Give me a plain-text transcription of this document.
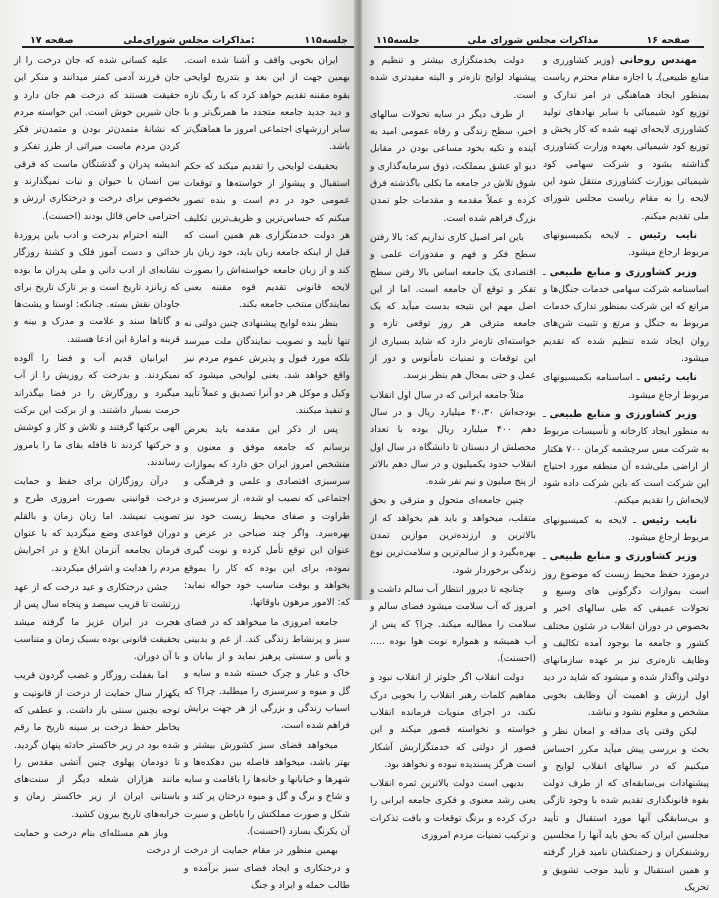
صفحه ۱۷	مذاکرات مجلس شورای‌ملی:	جلسه۱۱۵

ایران بخوبی واقف و آشنا شده است. بهمین جهت از این بعد و بتدریج لوایحی بقوه مقننه تقدیم خواهد کرد که با رنگ تازه و دید جدید جامعه متجدد ما همرنگ‌تر و با سایر ارزشهای اجتماعی امروز ما هماهنگ‌تر باشد.

بحقیقت لوایحی را تقدیم میکند که حکم استقبال و پیشواز از خواسته‌ها و توقعات عمومی خود در دم است و بنده تصور میکنم که حساس‌ترین و ظریف‌ترین تکلیف هر دولت خدمتگزاری هم همین است که قبل از اینکه جامعه زبان باید، خود زبان باز کند و از زبان جامعه خواسته‌اش را بصورت لایحه قانونی تقدیم قوه مقننه یعنی نمایندگان منتخب جامعه بکند.

بنظر بنده لوایح پیشنهادی چنین دولتی نه تنها تأیید و تصویب نمایندگان ملت میرسد بلکه مورد قبول و پذیرش عموم مردم نیز واقع خواهد شد. یعنی لوایحی میشود که وکیل و موکل هر دو آنرا تصدیق و عملاً تأیید و تنفیذ میکنند.

پس از ذکر این مقدمه باید بعرض برسانم که جامعه موفق و معنون و متشخص امروز ایران حق دارد که بموازات سرسبزی اقتصادی و علمی و فرهنگی و اجتماعی که نصیب او شده، از سرسبزی و طراوت و صفای محیط زیست خود نیز بهره‌ببرد. واگر چند صباحی در عرض و عنوان این توقع تأمل کرده و نوبت گیری نموده، برای این بوده که کار را بموقع بخواهد و بوقت مناسب خود حواله نماید: که: الامور مرهون باوقاتها.

جامعه امروزی ما میخواهد که در فضای سبز و پرنشاط زندگی کند. از غم و بدبینی و یأس و سستی پرهیز نماید و از بیابان و خاک و غبار و چرک خسته شده و سایه و گل و میوه و سرسبزی را میطلبد. چرا؟ که اسباب زندگی و بزرگی از هر جهت برایش فراهم شده است.

میخواهد فضای سبز کشورش بیشتر و بهتر باشد، میخواهد فاصله بین دهکده‌ها و شهرها و خیابانها و خانه‌ها را باقامت و سایه و شاخ و برگ و گل و میوه درختان پر کند و شکل و صورت مملکتش را باباطن و سیرت آن یکرنگ بسازد (احسنت).

بهمین منظور در مقام حمایت از درخت و درختکاری و ایجاد فضای سبز برآمده و طالب حمله و ایراد و جنگ

علیه کسانی شده که جان درخت را از جان فرزند آدمی کمتر میدانند و منکر این حقیقت هستند که درخت هم جان دارد و جان شیرین خوش است. این خواسته مردم که نشانهٔ متمدن‌تر بودن و متمدن‌تر فکر کردن مردم ماست میراثی از طرز تفکر و اندیشه پدران و گذشتگان ماست که فرقی بین انسان با حیوان و نبات نمیگذارند و بخصوص برای درخت و درختکاری ارزش و احترامی خاص قائل بودند (احسنت).

البته احترام بدرخت و ادب باین پروردهٔ خدائی و دست آموز فلک و کشتهٔ روزگار نشانه‌ای از ادب دانی و ملی پدران ما بوده که زبانزد تاریخ است و بر تارک تاریخ برای جاودان نقش بسته. چنانکه: اوستا و یشت‌ها و گاتاها سند و علامت و مدرک و بینه و قرینه و امارهٔ این ادعا هستند.

ایرانیان قدیم آب و فضا را آلوده نمیکردند. و بدرخت که روزیش را از آب میگیرد و روزگارش را در فضا بیگذراند حرمت بسیار داشتند. و از برکت این برکت الهی برکتها گرفتند و تلاش و کار و کوشش و حرکتها کردند تا قافله بقای ما را بامروز رساندند.

درآن روزگاران برای حفظ و حمایت درخت قوانینی بصورت امروزی طرح و تصویب نمیشد. اما زبان زمان و بالقلم دوران قواعدی وضع میگردید که با عنوان فرمان بجامعه آنزمان ابلاغ و در اجرایش مردم را هدایت و اشراق میکردند.

جشن درختکاری و عید درخت که از عهد زرتشت تا قریب سیصد و پنجاه سال پس از هجرت در ایران عزیز ما گرفته میشد بحقیقت قانونی بوده بسبک زمان و متناسب با آن دوران.

اما بغفلت روزگار و غضب گردون قریب یکهزار سال حمایت از درخت از قانونیت و توجه بچنین سنتی باز داشت. و عطفی که بخاطر حفظ درخت بر سینه تاریخ ما رقم شده بود در زیر خاکستر حادثه پنهان گردید. تا دودمان پهلوی چنین آتشی مقدس را مانند هزاران شعله دیگر از سنت‌های باستانی ایران از زیر خاکستر زمان و خرابه‌های تاریخ بیرون کشید.

وباز هم مسئله‌ای بنام درخت و حمایت از درخت

جلسه۱۱۵	مذاکرات مجلس شورای ملی	صفحه ۱۶

مهندس روحانی (وزیر کشاورزی و منابع طبیعی)ـ با اجازه مقام محترم ریاست بمنظور ایجاد هماهنگی در امر تدارک و توزیع کود شیمیائی با سایر نهادهای تولید کشاورزی لایحه‌ای تهیه شده که کار پخش و توزیع کود شیمیائی بعهده وزارت کشاورزی گذاشته بشود و شرکت سهامی کود شیمیائی بوزارت کشاورزی منتقل شود این لایحه را به مقام ریاست مجلس شورای ملی تقدیم میکنم.

نایب رئیس ـ لایحه بکمیسیونهای مربوط ارجاع میشود.

وزیر کشاورزی و منابع طبیعی ـ اساسنامه شرکت سهامی خدمات جنگل‌ها و مراتع که این شرکت بمنظور تدارک خدمات مربوط به جنگل و مرتع و تثبیت شن‌های روان ایجاد شده تنظیم شده که تقدیم میشود.

نایب رئیس ـ اساسنامه بکمیسیونهای مربوط ارجاع میشود.

وزیر کشاورزی و منابع طبیعی ـ به منظور ایجاد کارخانه و تأسیسات مربوط به شرکت مس سرچشمه کرمان ۷۰۰ هکتار از اراضی ملی‌شده آن منطقه مورد احتیاج این شرکت است که باین شرکت داده شود لایحه‌اش را تقدیم میکنم.

نایب رئیس ـ لایحه به کمیسیونهای مربوط ارجاع میشود.

وزیر کشاورزی و منابع طبیعی ـ درمورد حفظ محیط زیست که موضوع روز است بموازات دگرگونی های وسیع و تحولات عمیقی که طی سالهای اخیر و بخصوص در دوران انقلاب در شئون مختلف کشور و جامعه ما بوجود آمده تکالیف و وظایف تازه‌تری نیز بر عهده سازمانهای دولتی واگذار شده و میشود که شاید در دید اول ارزش و اهمیت آن وظایف بخوبی مشخص و معلوم نشود و نباشد.

لیکن وقتی پای مداقه و امعان نظر و بحث و بررسی پیش میآید مکرر احساس میکنیم که در سالهای انقلاب لوایح و پیشنهادات بی‌سابقه‌ای که از طرف دولت بقوه قانونگذاری تقدیم شده با وجود تازگی و بی‌سابقگی آنها مورد استقبال و تأیید مجلسین ایران که بحق باید آنها را مجلسین روشنفکران و زحمتکشان نامید قرار گرفته و همین استقبال و تأیید موجب تشویق و تحریک

دولت بخدمتگزاری بیشتر و تنظیم و پیشنهاد لوایح تازه‌تر و البته مفیدتری شده است.

از طرف دیگر در سایه تحولات سالهای اخیر، سطح زندگی و رفاه عمومی امید به آینده و تکیه بخود مساعی بودن در مقابل دیو او عشق بمملکت، ذوق سرمایه‌گذاری و شوق تلاش در جامعه ما بکلی باگذشته فرق کرده و عملاً مقدمه و مقدمات جلو تمدن بزرگ فراهم شده است.

باین امر اصیل کاری نداریم که: بالا رفتن سطح فکر و فهم و مقدورات علمی و اقتصادی یک جامعه اساس بالا رفتن سطح تفکر و توقع آن جامعه است. اما از این اصل مهم این نتیجه بدست میآید که یک جامعه مترقی هر روز توقعی تازه و خواسته‌ای تازه‌تر دارد که شاید بسیاری از این توقعات و تمنیات نامأنوس و دور از عمل و حتی بمحال هم بنظر برسد.

مثلاً جامعه ایرانی که در سال اول انقلاب بودجه‌اش ۴۰،۳۰ میلیارد ریال و در سال دهم ۴۰۰ میلیارد ریال بوده با تعداد محصلش از دبستان تا دانشگاه در سال اول انقلاب حدود یکمیلیون و در سال دهم بالاتر از پنج میلیون و نیم نفر شده.

چنین جامعه‌ای متحول و مترقی و بحق متقلب، میخواهد و باید هم بخواهد که از بالاترین و ارزنده‌ترین موازین تمدن بهره‌بگیرد و از سالم‌ترین و سلامت‌ترین نوع زندگی برخوردار شود.

چنانچه تا دیروز انتظار آب سالم داشت و امروز که آب سلامت میشود فضای سالم و سلامت را مطالبه میکند. چرا؟ که پس از آب همیشه و همواره نوبت هوا بوده ..... (احسنت).

دولت انقلاب اگر جلوتر از انقلاب نبود و مفاهیم کلمات رهبر انقلاب را بخوبی درک نکند، در اجرای منویات فرمانده انقلاب خواسته و نخواسته قصور میکند و این قصور از دولتی که خدمتگزاریش آشکار است هرگز پسندیده نبوده و نخواهد بود.

بدیهی است دولت بالاترین ثمره انقلاب یعنی رشد معنوی و فکری جامعه ایرانی را درک کرده و برنگ توقعات و بافت تذکرات و ترکیب تمنیات مردم امروزی
